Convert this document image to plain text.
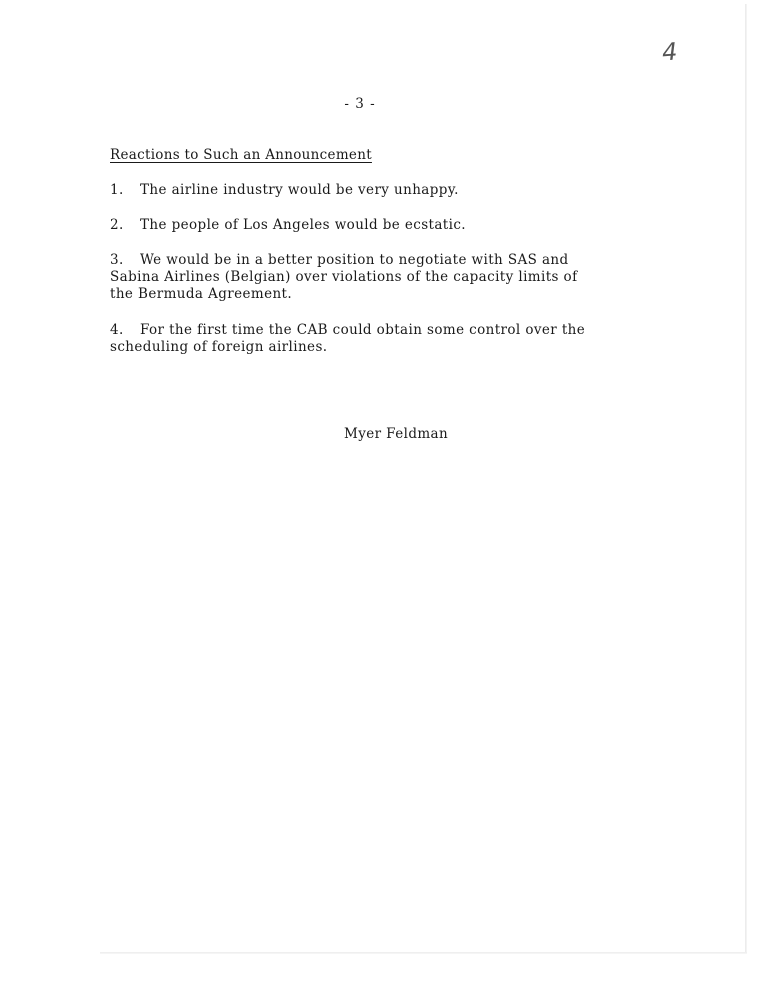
4
- 3 -
Reactions to Such an Announcement
1. The airline industry would be very unhappy.
2. The people of Los Angeles would be ecstatic.
3. We would be in a better position to negotiate with SAS and
Sabina Airlines (Belgian) over violations of the capacity limits of
the Bermuda Agreement.
4. For the first time the CAB could obtain some control over the
scheduling of foreign airlines.
Myer Feldman
